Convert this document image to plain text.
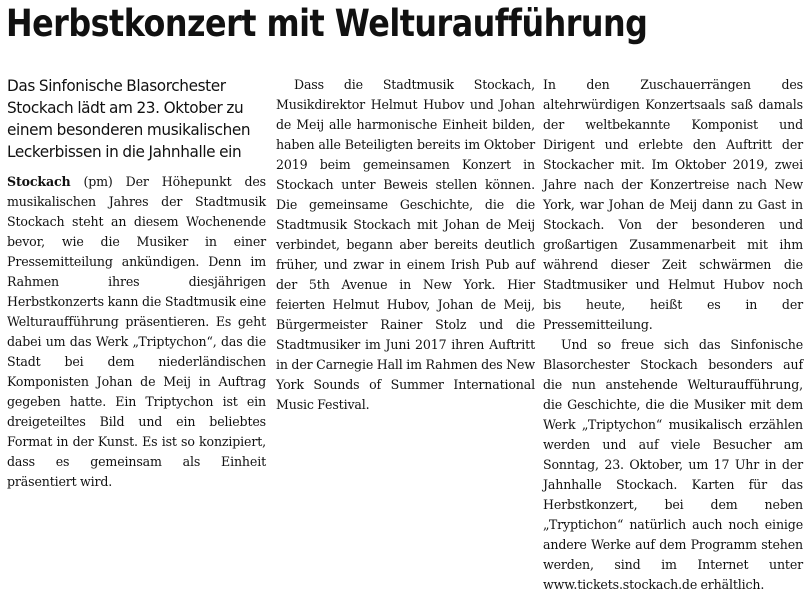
Herbstkonzert mit Welturaufführung
Das Sinfonische Blasorchester Stockach lädt am 23. Oktober zu einem besonderen musikalischen Leckerbissen in die Jahnhalle ein

Stockach (pm) Der Höhepunkt des musikalischen Jahres der Stadtmusik Stockach steht an diesem Wochenende bevor, wie die Musiker in einer Pressemitteilung ankündigen. Denn im Rahmen ihres diesjährigen Herbstkonzerts kann die Stadtmusik eine Welturaufführung präsentieren. Es geht dabei um das Werk „Triptychon“, das die Stadt bei dem niederländischen Komponisten Johan de Meij in Auftrag gegeben hatte. Ein Triptychon ist ein dreigeteiltes Bild und ein beliebtes Format in der Kunst. Es ist so konzipiert, dass es gemeinsam als Einheit präsentiert wird.

Dass die Stadtmusik Stockach, Musikdirektor Helmut Hubov und Johan de Meij alle harmonische Einheit bilden, haben alle Beteiligten bereits im Oktober 2019 beim gemeinsamen Konzert in Stockach unter Beweis stellen können. Die gemeinsame Geschichte, die die Stadtmusik Stockach mit Johan de Meij verbindet, begann aber bereits deutlich früher, und zwar in einem Irish Pub auf der 5th Avenue in New York. Hier feierten Helmut Hubov, Johan de Meij, Bürgermeister Rainer Stolz und die Stadtmusiker im Juni 2017 ihren Auftritt in der Carnegie Hall im Rahmen des New York Sounds of Summer International Music Festival.

In den Zuschauerrängen des altehrwürdigen Konzertsaals saß damals der weltbekannte Komponist und Dirigent und erlebte den Auftritt der Stockacher mit. Im Oktober 2019, zwei Jahre nach der Konzertreise nach New York, war Johan de Meij dann zu Gast in Stockach. Von der besonderen und großartigen Zusammenarbeit mit ihm während dieser Zeit schwärmen die Stadtmusiker und Helmut Hubov noch bis heute, heißt es in der Pressemitteilung.

Und so freue sich das Sinfonische Blasorchester Stockach besonders auf die nun anstehende Welturaufführung, die Geschichte, die die Musiker mit dem Werk „Triptychon“ musikalisch erzählen werden und auf viele Besucher am Sonntag, 23. Oktober, um 17 Uhr in der Jahnhalle Stockach. Karten für das Herbstkonzert, bei dem neben „Tryptichon“ natürlich auch noch einige andere Werke auf dem Programm stehen werden, sind im Internet unter www.tickets.stockach.de erhältlich.
